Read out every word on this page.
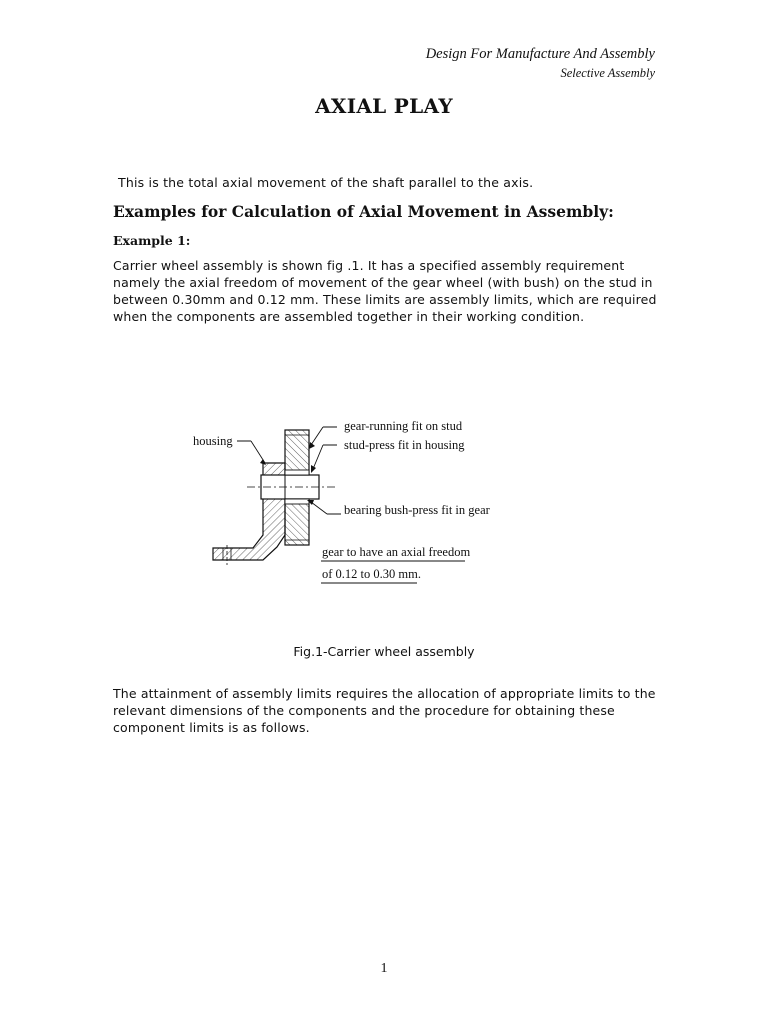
Design For Manufacture And Assembly
Selective Assembly
AXIAL PLAY
This is the total axial movement of the shaft parallel to the axis.
Examples for Calculation of Axial Movement in Assembly:
Example 1:
Carrier wheel assembly is shown fig .1. It has a specified assembly requirement namely the axial freedom of movement of the gear wheel (with bush) on the stud in between 0.30mm and 0.12 mm. These limits are assembly limits, which are required when the components are assembled together in their working condition.
housing
gear-running fit on stud
stud-press fit in housing
bearing bush-press fit in gear
gear to have an axial freedom
of 0.12 to 0.30 mm.
Fig.1-Carrier wheel assembly
The attainment of assembly limits requires the allocation of appropriate limits to the relevant dimensions of the components and the procedure for obtaining these component limits is as follows.
1
